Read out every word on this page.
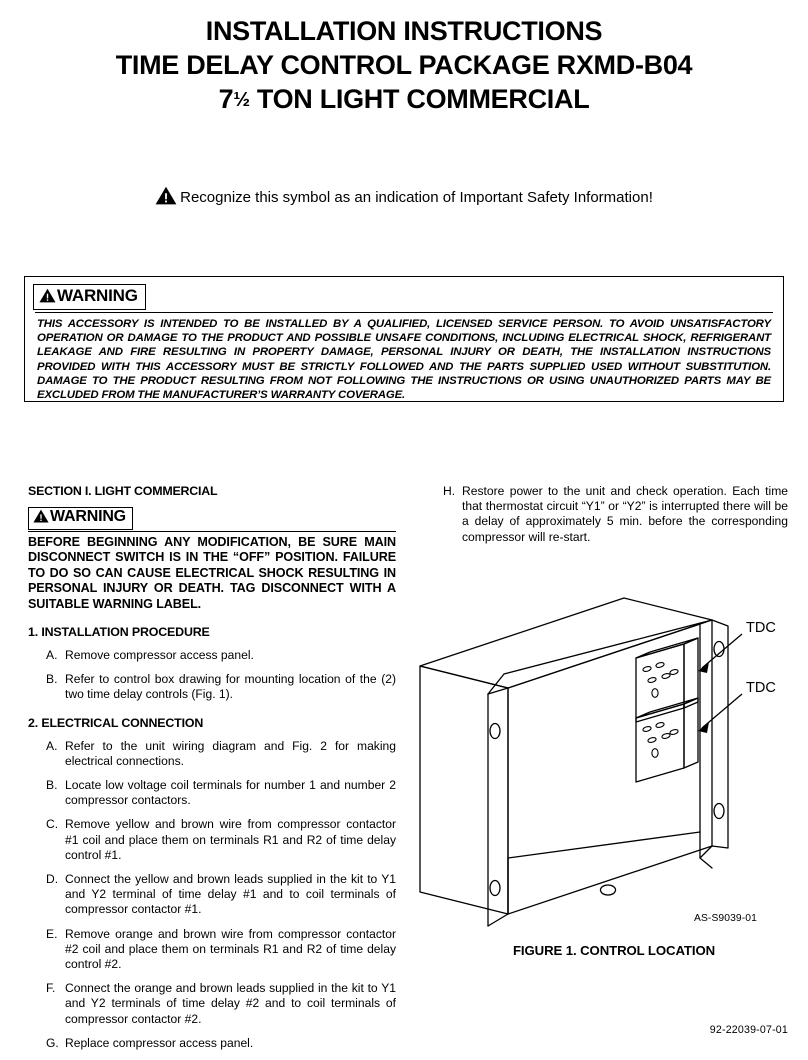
INSTALLATION INSTRUCTIONS
TIME DELAY CONTROL PACKAGE RXMD-B04
7½ TON LIGHT COMMERCIAL
Recognize this symbol as an indication of Important Safety Information!
WARNING
THIS ACCESSORY IS INTENDED TO BE INSTALLED BY A QUALIFIED, LICENSED SERVICE PERSON. TO AVOID UNSATISFACTORY OPERATION OR DAMAGE TO THE PRODUCT AND POSSIBLE UNSAFE CONDITIONS, INCLUDING ELECTRICAL SHOCK, REFRIGERANT LEAKAGE AND FIRE RESULTING IN PROPERTY DAMAGE, PERSONAL INJURY OR DEATH, THE INSTALLATION INSTRUCTIONS PROVIDED WITH THIS ACCESSORY MUST BE STRICTLY FOLLOWED AND THE PARTS SUPPLIED USED WITHOUT SUBSTITUTION. DAMAGE TO THE PRODUCT RESULTING FROM NOT FOLLOWING THE INSTRUCTIONS OR USING UNAUTHORIZED PARTS MAY BE EXCLUDED FROM THE MANUFACTURER’S WARRANTY COVERAGE.
SECTION I. LIGHT COMMERCIAL
WARNING
BEFORE BEGINNING ANY MODIFICATION, BE SURE MAIN DISCONNECT SWITCH IS IN THE “OFF” POSITION. FAILURE TO DO SO CAN CAUSE ELECTRICAL SHOCK RESULTING IN PERSONAL INJURY OR DEATH. TAG DISCONNECT WITH A SUITABLE WARNING LABEL.
1. INSTALLATION PROCEDURE
A. Remove compressor access panel.
B. Refer to control box drawing for mounting location of the (2) two time delay controls (Fig. 1).
2. ELECTRICAL CONNECTION
A. Refer to the unit wiring diagram and Fig. 2 for making electrical connections.
B. Locate low voltage coil terminals for number 1 and number 2 compressor contactors.
C. Remove yellow and brown wire from compressor contactor #1 coil and place them on terminals R1 and R2 of time delay control #1.
D. Connect the yellow and brown leads supplied in the kit to Y1 and Y2 terminal of time delay #1 and to coil terminals of compressor contactor #1.
E. Remove orange and brown wire from compressor contactor #2 coil and place them on terminals R1 and R2 of time delay control #2.
F. Connect the orange and brown leads supplied in the kit to Y1 and Y2 terminals of time delay #2 and to coil terminals of compressor contactor #2.
G. Replace compressor access panel.
H. Restore power to the unit and check operation. Each time that thermostat circuit “Y1” or “Y2” is interrupted there will be a delay of approximately 5 min. before the corresponding compressor will re-start.
TDC
TDC
AS-S9039-01
FIGURE 1. CONTROL LOCATION
92-22039-07-01
